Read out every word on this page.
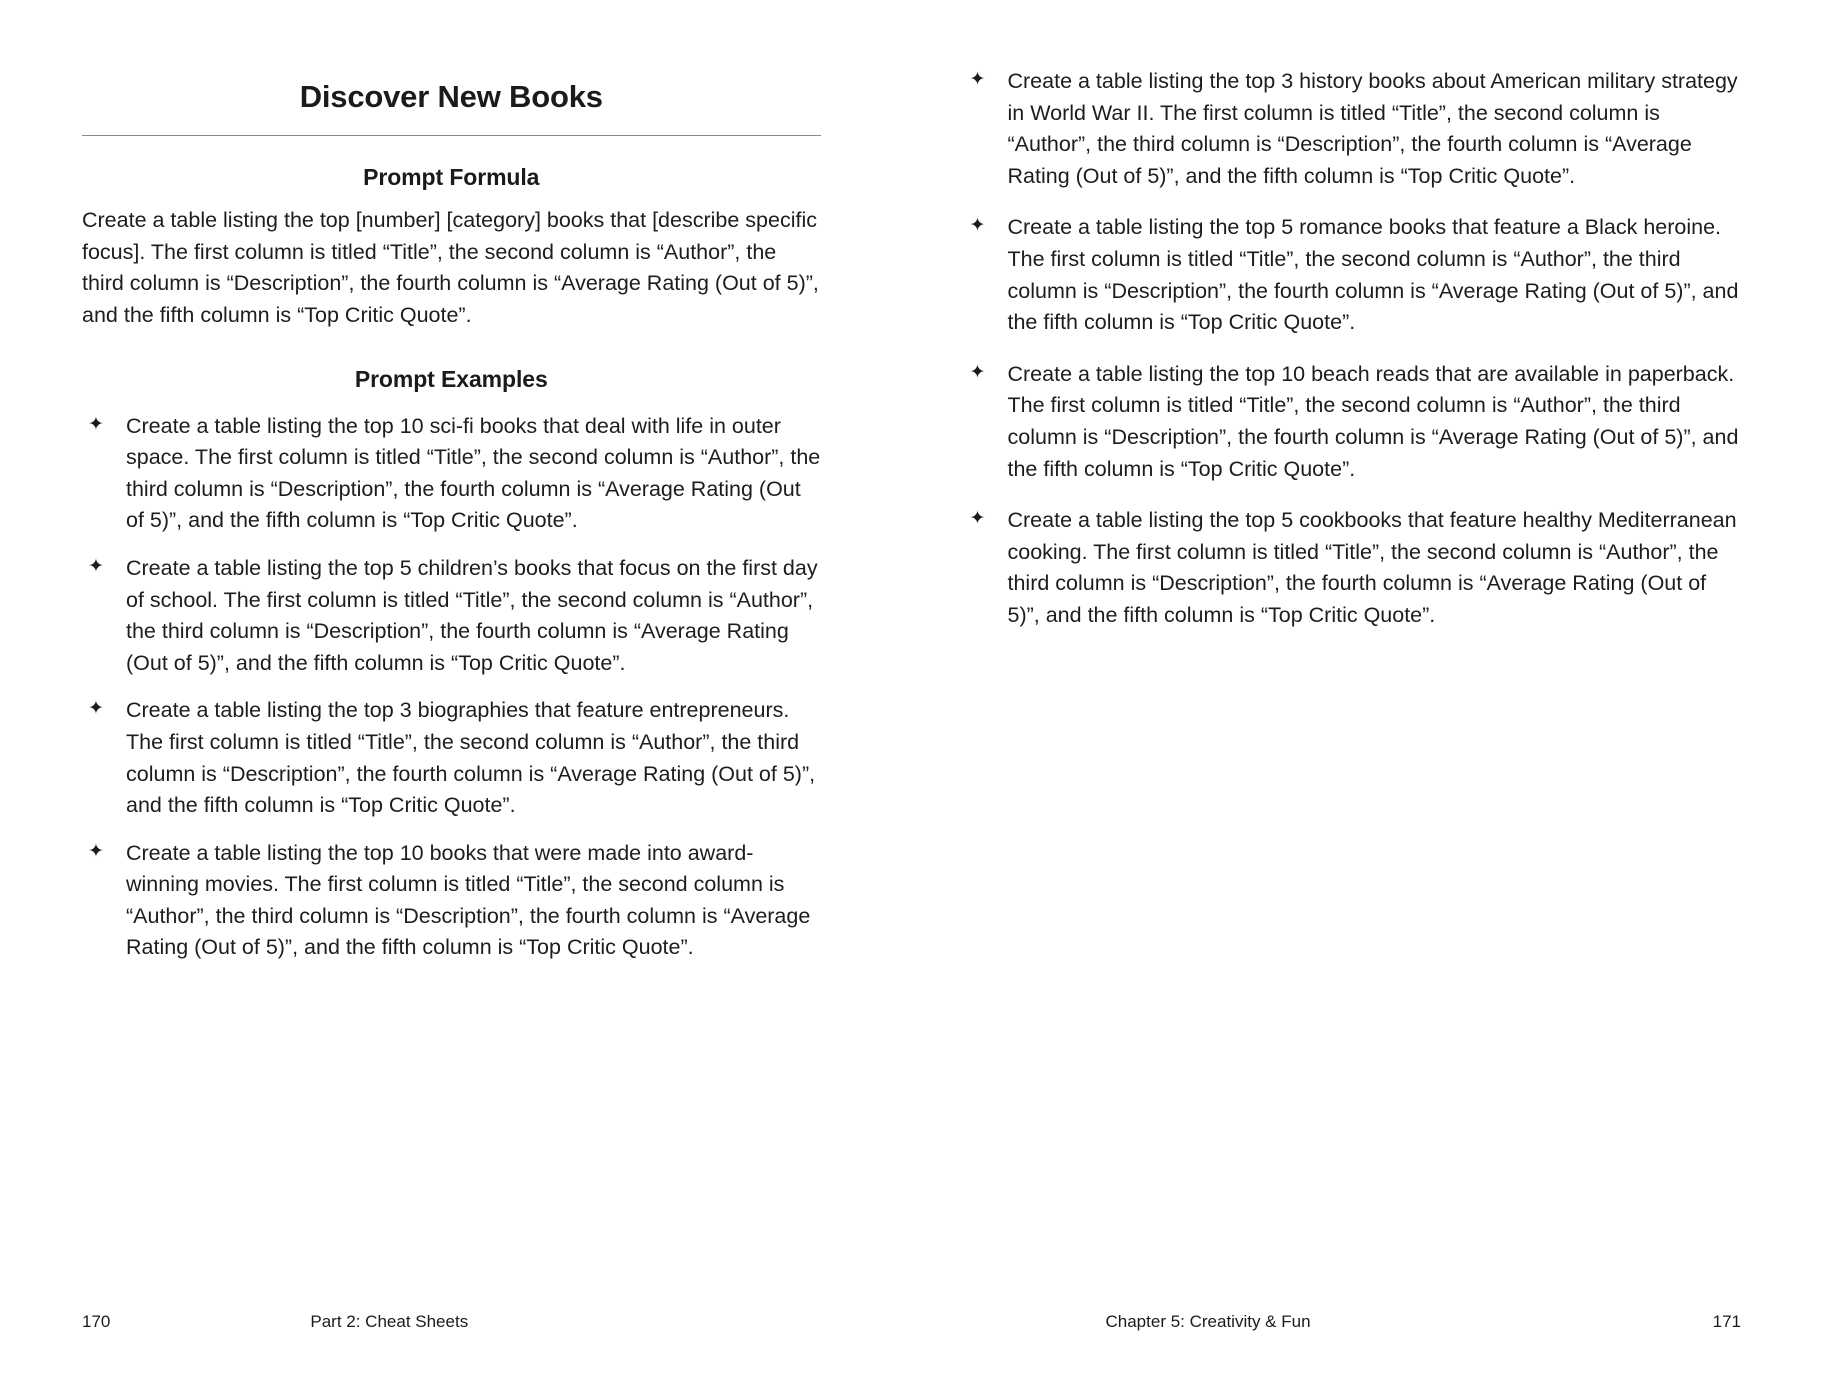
Discover New Books
Prompt Formula

Create a table listing the top [number] [category] books that [describe specific focus]. The first column is titled “Title”, the second column is “Author”, the third column is “Description”, the fourth column is “Average Rating (Out of 5)”, and the fifth column is “Top Critic Quote”.

Prompt Examples
✦ Create a table listing the top 10 sci-fi books that deal with life in outer space. The first column is titled “Title”, the second column is “Author”, the third column is “Description”, the fourth column is “Average Rating (Out of 5)”, and the fifth column is “Top Critic Quote”.
✦ Create a table listing the top 5 children’s books that focus on the first day of school. The first column is titled “Title”, the second column is “Author”, the third column is “Description”, the fourth column is “Average Rating (Out of 5)”, and the fifth column is “Top Critic Quote”.
✦ Create a table listing the top 3 biographies that feature entrepreneurs. The first column is titled “Title”, the second column is “Author”, the third column is “Description”, the fourth column is “Average Rating (Out of 5)”, and the fifth column is “Top Critic Quote”.
✦ Create a table listing the top 10 books that were made into award-winning movies. The first column is titled “Title”, the second column is “Author”, the third column is “Description”, the fourth column is “Average Rating (Out of 5)”, and the fifth column is “Top Critic Quote”.
170	Part 2: Cheat Sheets
✦ Create a table listing the top 3 history books about American military strategy in World War II. The first column is titled “Title”, the second column is “Author”, the third column is “Description”, the fourth column is “Average Rating (Out of 5)”, and the fifth column is “Top Critic Quote”.
✦ Create a table listing the top 5 romance books that feature a Black heroine. The first column is titled “Title”, the second column is “Author”, the third column is “Description”, the fourth column is “Average Rating (Out of 5)”, and the fifth column is “Top Critic Quote”.
✦ Create a table listing the top 10 beach reads that are available in paperback. The first column is titled “Title”, the second column is “Author”, the third column is “Description”, the fourth column is “Average Rating (Out of 5)”, and the fifth column is “Top Critic Quote”.
✦ Create a table listing the top 5 cookbooks that feature healthy Mediterranean cooking. The first column is titled “Title”, the second column is “Author”, the third column is “Description”, the fourth column is “Average Rating (Out of 5)”, and the fifth column is “Top Critic Quote”.
Chapter 5: Creativity & Fun	171
